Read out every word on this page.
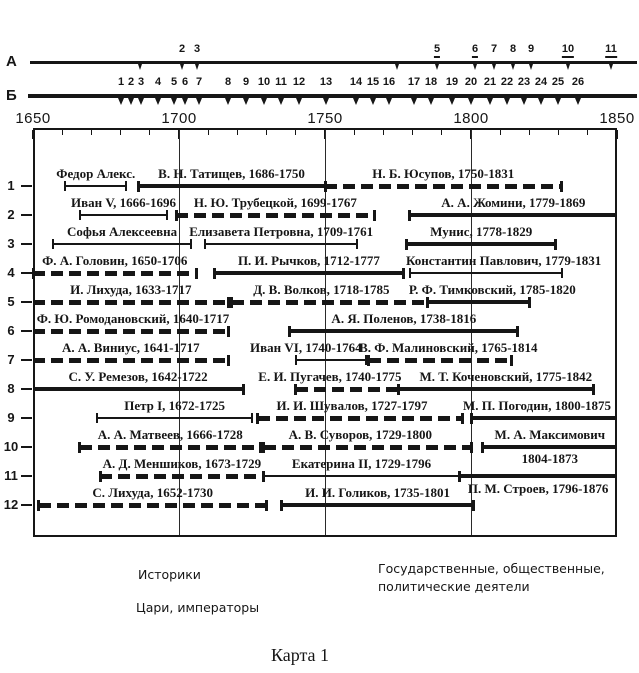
А
2 3	5	6 7 8 9	10	11
Б
1 2 3 4 5 6 7 8 9 10 11 12 13 14 15 16 17 18 19 20 21 22 23 24 25 26
1650	1700	1750	1800	1850
1
Федор Алекс. В. Н. Татищев, 1686-1750	Н. Б. Юсупов, 1750-1831
2
Иван V, 1666-1696 Н. Ю. Трубецкой, 1699-1767	А. А. Жомини, 1779-1869
3
Софья Алексеевна Елизавета Петровна, 1709-1761	Мунис, 1778-1829
4
Ф. А. Головин, 1650-1706	П. И. Рычков, 1712-1777 Константин Павлович, 1779-1831
5
И. Лихуда, 1633-1717	Д. В. Волков, 1718-1785 Р. Ф. Тимковский, 1785-1820
6
Ф. Ю. Ромодановский, 1640-1717	А. Я. Поленов, 1738-1816
7
А. А. Виниус, 1641-1717	Иван VI, 1740-1764
В. Ф. Малиновский, 1765-1814
8
С. У. Ремезов, 1642-1722	Е. И. Пугачев, 1740-1775 М. Т. Коченовский, 1775-1842
9
Петр I, 1672-1725	И. И. Шувалов, 1727-1797	М. П. Погодин, 1800-1875
10
А. А. Матвеев, 1666-1728	А. В. Суворов, 1729-1800	М. А. Максимович
1804-1873
11
А. Д. Меншиков, 1673-1729 Екатерина II, 1729-1796
П. М. Строев, 1796-1876
12
С. Лихуда, 1652-1730	И. И. Голиков, 1735-1801
Историки
Цари, императоры
Государственные, общественные,
политические деятели
Карта 1
